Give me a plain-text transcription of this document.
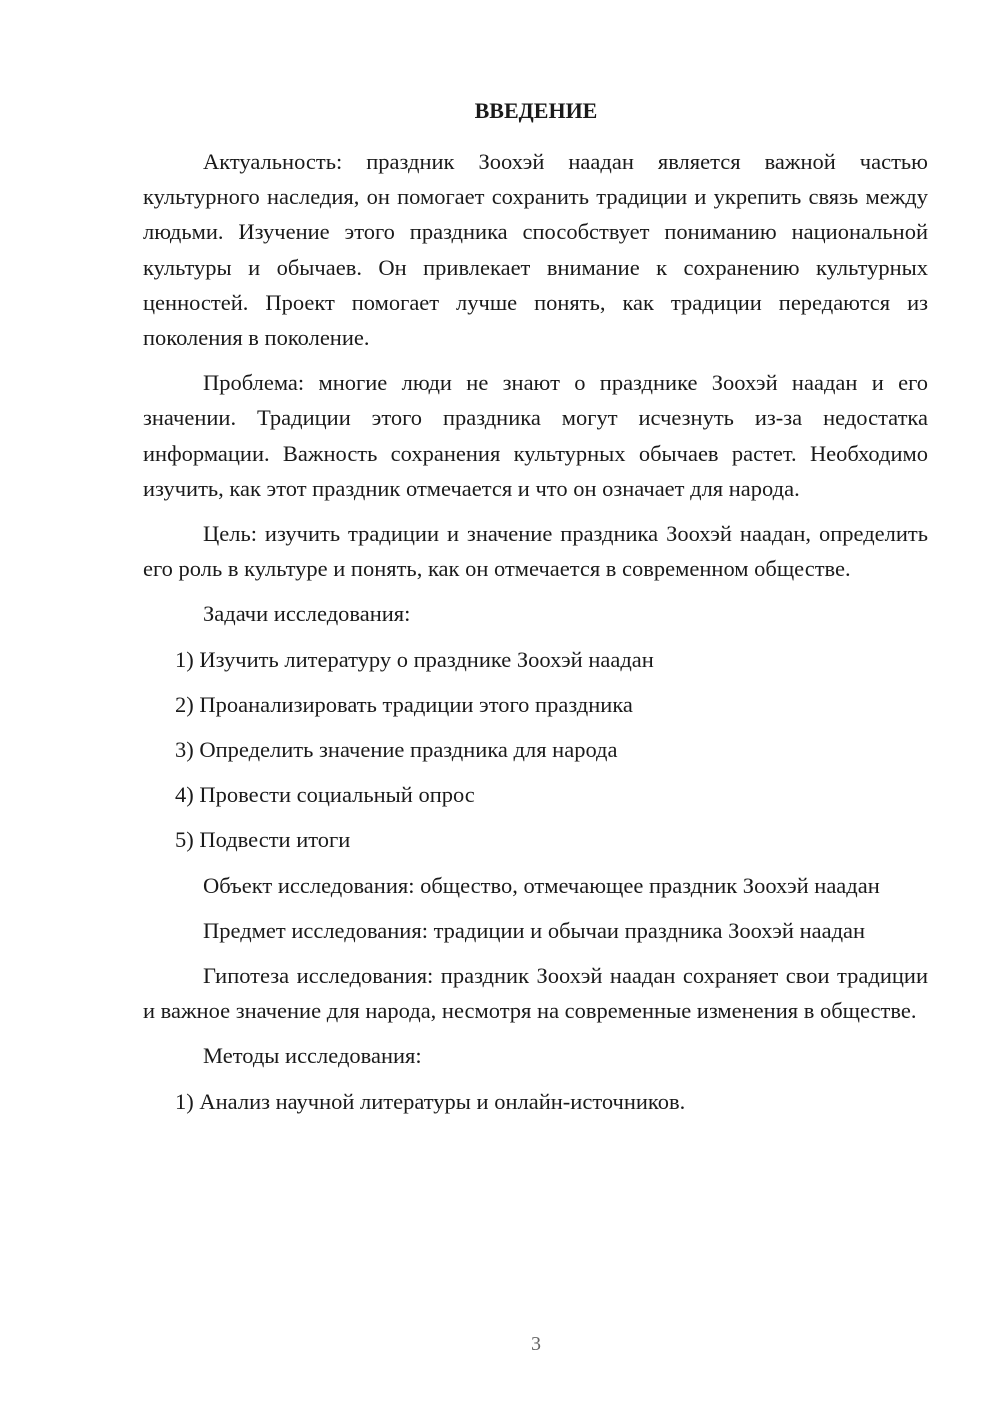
ВВЕДЕНИЕ

Актуальность: праздник Зоохэй наадан является важной частью культурного наследия, он помогает сохранить традиции и укрепить связь между людьми. Изучение этого праздника способствует пониманию национальной культуры и обычаев. Он привлекает внимание к сохранению культурных ценностей. Проект помогает лучше понять, как традиции передаются из поколения в поколение.

Проблема: многие люди не знают о празднике Зоохэй наадан и его значении. Традиции этого праздника могут исчезнуть из-за недостатка информации. Важность сохранения культурных обычаев растет. Необходимо изучить, как этот праздник отмечается и что он означает для народа.

Цель: изучить традиции и значение праздника Зоохэй наадан, определить его роль в культуре и понять, как он отмечается в современном обществе.

Задачи исследования:

1) Изучить литературу о празднике Зоохэй наадан

2) Проанализировать традиции этого праздника

3) Определить значение праздника для народа

4) Провести социальный опрос

5) Подвести итоги

Объект исследования: общество, отмечающее праздник Зоохэй наадан

Предмет исследования: традиции и обычаи праздника Зоохэй наадан

Гипотеза исследования: праздник Зоохэй наадан сохраняет свои традиции и важное значение для народа, несмотря на современные изменения в обществе.

Методы исследования:

1) Анализ научной литературы и онлайн-источников.

3
